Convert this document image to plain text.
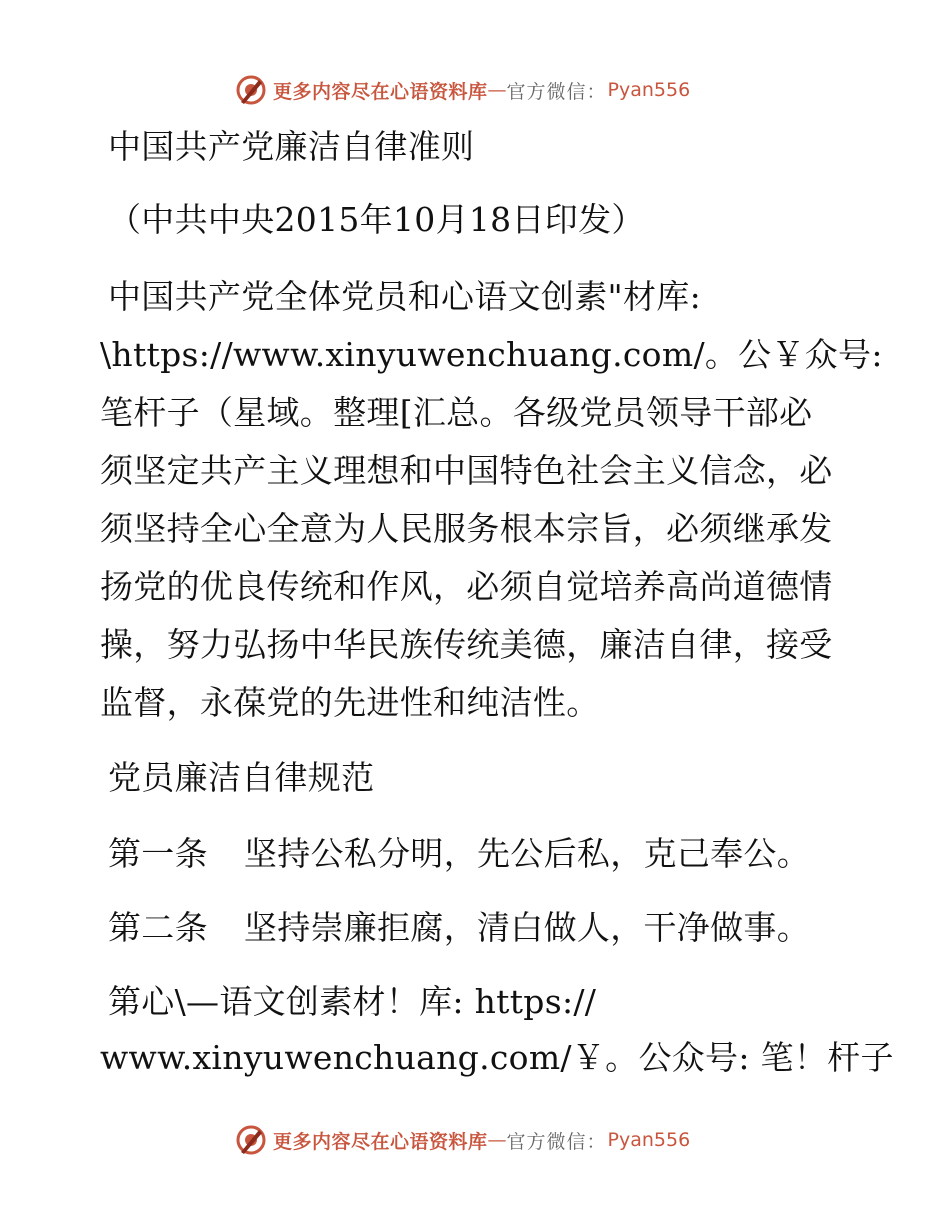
更多内容尽在心语资料库 — 官方微信 ： Pyan556
中国共产党廉洁自律准则
（中共中央2015年10月18日印发）
中国共产党全体党员和心语文创素"材库:
\https://www.xinyuwenchuang.com/。公￥众号:
笔杆子（星域。整理[汇总。各级党员领导干部必
须坚定共产主义理想和中国特色社会主义信念，必
须坚持全心全意为人民服务根本宗旨，必须继承发
扬党的优良传统和作风，必须自觉培养高尚道德情
操，努力弘扬中华民族传统美德，廉洁自律，接受
监督，永葆党的先进性和纯洁性。
党员廉洁自律规范
第一条 坚持公私分明，先公后私，克己奉公。
第二条 坚持崇廉拒腐，清白做人，干净做事。
第心\—语文创素材！库: https://
www.xinyuwenchuang.com/￥。公众号: 笔！杆子
更多内容尽在心语资料库 — 官方微信 ： Pyan556
